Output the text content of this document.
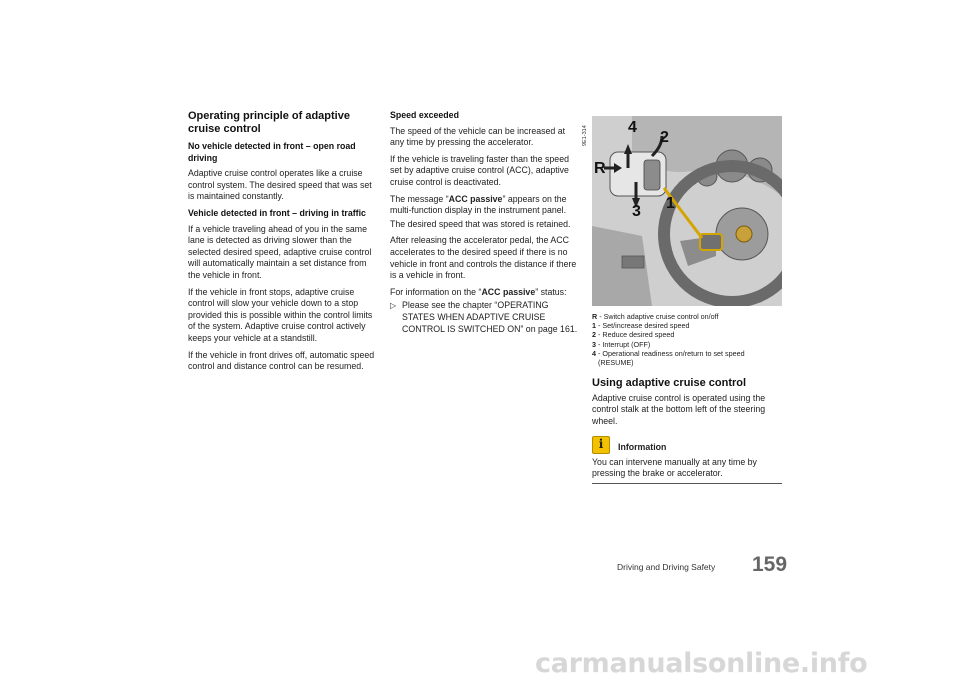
Operating principle of adaptive cruise control
No vehicle detected in front – open road driving

Adaptive cruise control operates like a cruise control system. The desired speed that was set is maintained constantly.

Vehicle detected in front – driving in traffic

If a vehicle traveling ahead of you in the same lane is detected as driving slower than the selected desired speed, adaptive cruise control will automatically maintain a set distance from the vehicle in front.

If the vehicle in front stops, adaptive cruise control will slow your vehicle down to a stop provided this is possible within the control limits of the system. Adaptive cruise control actively keeps your vehicle at a standstill.

If the vehicle in front drives off, automatic speed control and distance control can be resumed.

Speed exceeded

The speed of the vehicle can be increased at any time by pressing the accelerator.

If the vehicle is traveling faster than the speed set by adaptive cruise control (ACC), adaptive cruise control is deactivated.

The message “ACC passive” appears on the multi-function display in the instrument panel.

The desired speed that was stored is retained.

After releasing the accelerator pedal, the ACC accelerates to the desired speed if there is no vehicle in front and controls the distance if there is a vehicle in front.

For information on the “ACC passive” status:

▷ Please see the chapter “OPERATING STATES WHEN ADAPTIVE CRUISE CONTROL IS SWITCHED ON” on page 161.
4
2
R
1
3
9E1-314
R - Switch adaptive cruise control on/off
1 - Set/increase desired speed
2 - Reduce desired speed
3 - Interrupt (OFF)
4 - Operational readiness on/return to set speed (RESUME)
Using adaptive cruise control

Adaptive cruise control is operated using the control stalk at the bottom left of the steering wheel.

i	Information

You can intervene manually at any time by pressing the brake or accelerator.

Driving and Driving Safety 159
carmanualsonline.info
